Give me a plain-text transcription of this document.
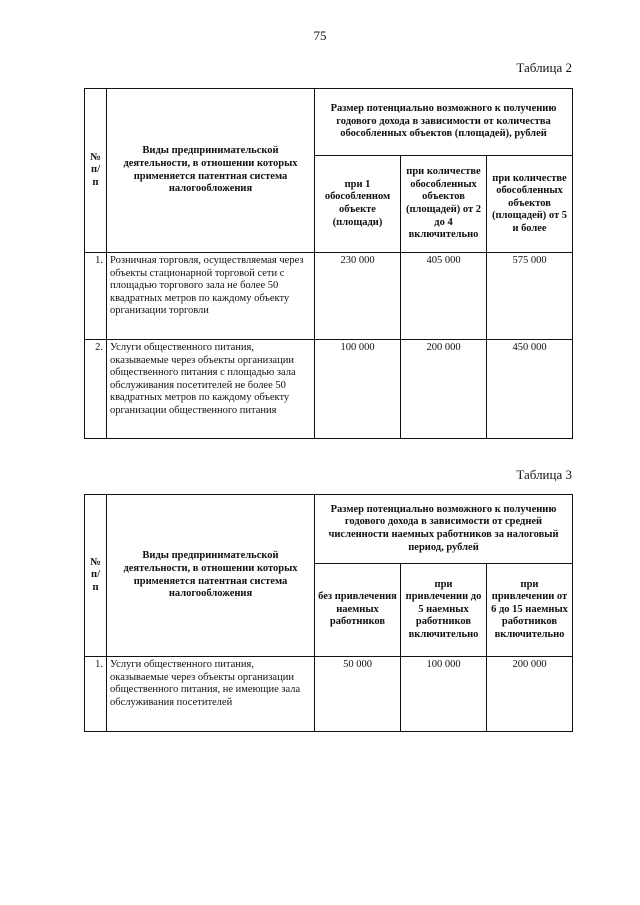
75
Таблица 2
№ п/п	Виды предпринимательской деятельности, в отношении которых применяется патентная система налогообложения	Размер потенциально возможного к получению годового дохода в зависимости от количества обособленных объектов (площадей), рублей		
		при 1 обособленном объекте (площади)	при количестве обособленных объектов (площадей) от 2 до 4 включительно	при количестве обособленных объектов (площадей) от 5 и более
1.	Розничная торговля, осуществляемая через объекты стационарной торговой сети с площадью торгового зала не более 50 квадратных метров по каждому объекту организации торговли	230 000	405 000	575 000
2.	Услуги общественного питания, оказываемые через объекты организации общественного питания с площадью зала обслуживания посетителей не более 50 квадратных метров по каждому объекту организации общественного питания	100 000	200 000	450 000
Таблица 3
№ п/п	Виды предпринимательской деятельности, в отношении которых применяется патентная система налогообложения	Размер потенциально возможного к получению годового дохода в зависимости от средней численности наемных работников за налоговый период, рублей		
		без привлечения наемных работников	при привлечении до 5 наемных работников включительно	при привлечении от 6 до 15 наемных работников включительно
1.	Услуги общественного питания, оказываемые через объекты организации общественного питания, не имеющие зала обслуживания посетителей	50 000	100 000	200 000
